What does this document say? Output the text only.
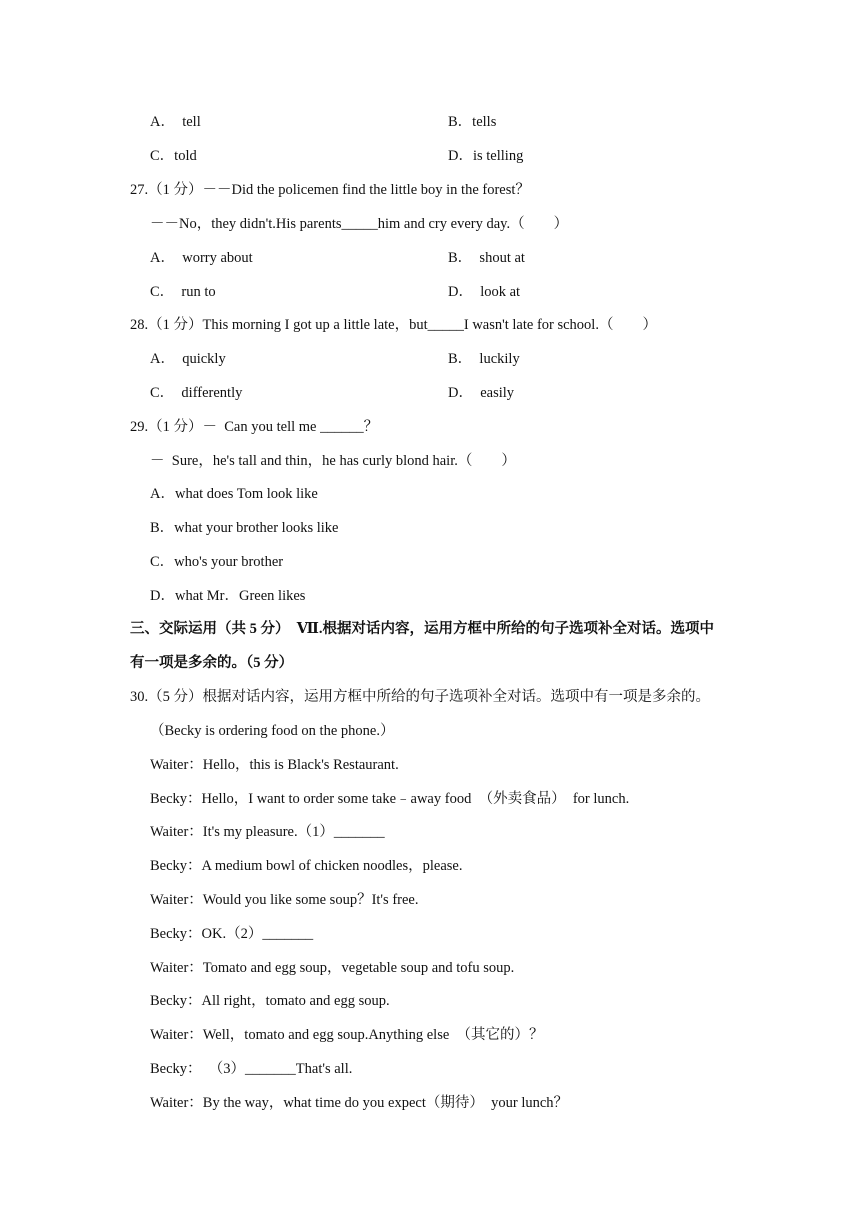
A．  tell	B．tells
C．told	D．is telling
27.（1 分）－－Did the policemen find the little boy in the forest？
－－No，they didn't.His parents_____him and cry every day.（        ）
A．  worry about	B．  shout at
C．  run to	D．  look at
28.（1 分）This morning I got up a little late，but_____I wasn't late for school.（        ）
A．  quickly	B．  luckily
C．  differently	D．  easily
29.（1 分）－  Can you tell me ______？
－  Sure，he's tall and thin，he has curly blond hair.（        ）
A．what does Tom look like
B．what your brother looks like
C．who's your brother
D．what Mr．Green likes
三、交际运用（共 5 分）  Ⅶ.根据对话内容，运用方框中所给的句子选项补全对话。选项中
有一项是多余的。（5 分）
30.（5 分）根据对话内容，运用方框中所给的句子选项补全对话。选项中有一项是多余的。
（Becky is ordering food on the phone.）
Waiter：Hello，this is Black's Restaurant.
Becky：Hello，I want to order some take﹣away food  （外卖食品）  for lunch.
Waiter：It's my pleasure.（1）_______
Becky：A medium bowl of chicken noodles，please.
Waiter：Would you like some soup？It's free.
Becky：OK.（2）_______
Waiter：Tomato and egg soup，vegetable soup and tofu soup.
Becky：All right，tomato and egg soup.
Waiter：Well，tomato and egg soup.Anything else  （其它的）？
Becky：  （3）_______That's all.
Waiter：By the way，what time do you expect（期待）  your lunch？
